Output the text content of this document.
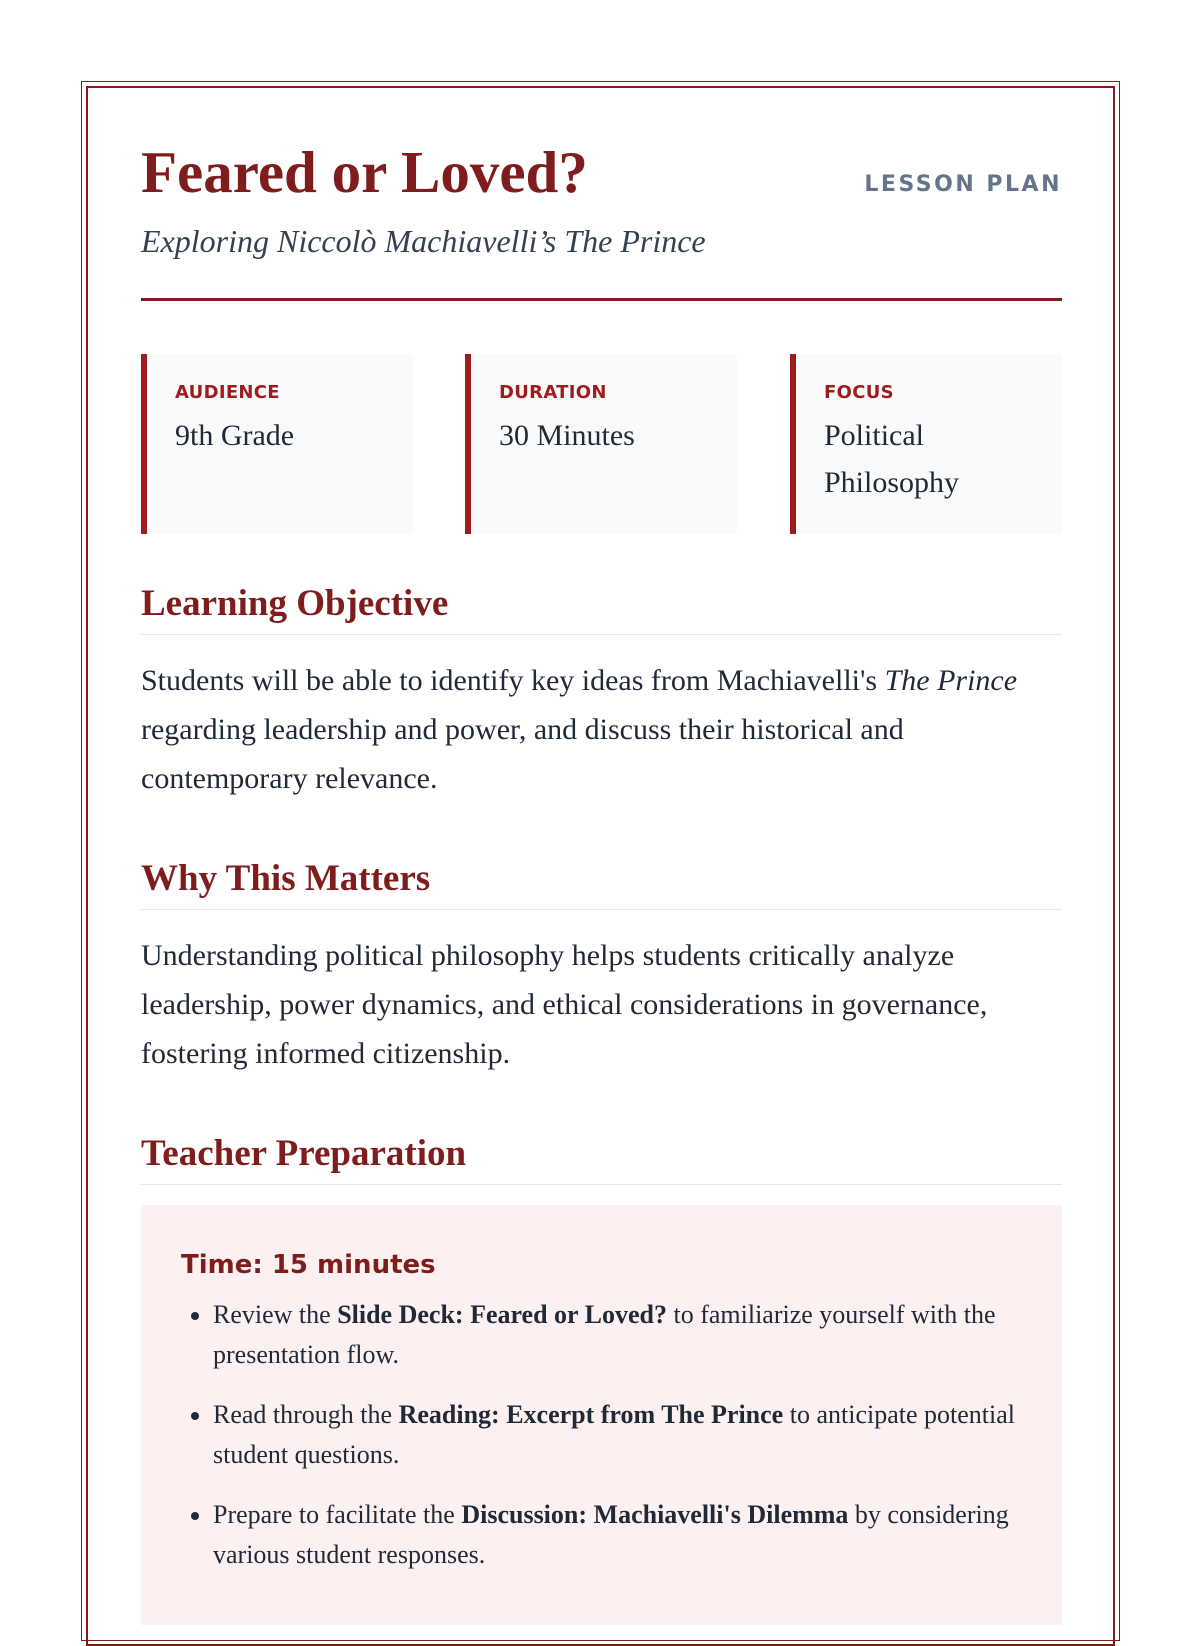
Feared or Loved?	LESSON PLAN
Exploring Niccolò Machiavelli’s The Prince
AUDIENCE
9th Grade
DURATION
30 Minutes
FOCUS
Political Philosophy
Learning Objective

Students will be able to identify key ideas from Machiavelli's The Prince regarding leadership and power, and discuss their historical and contemporary relevance.

Why This Matters

Understanding political philosophy helps students critically analyze leadership, power dynamics, and ethical considerations in governance, fostering informed citizenship.

Teacher Preparation
Time: 15 minutes
• Review the Slide Deck: Feared or Loved? to familiarize yourself with the presentation flow.
• Read through the Reading: Excerpt from The Prince to anticipate potential student questions.
• Prepare to facilitate the Discussion: Machiavelli's Dilemma by considering various student responses.
